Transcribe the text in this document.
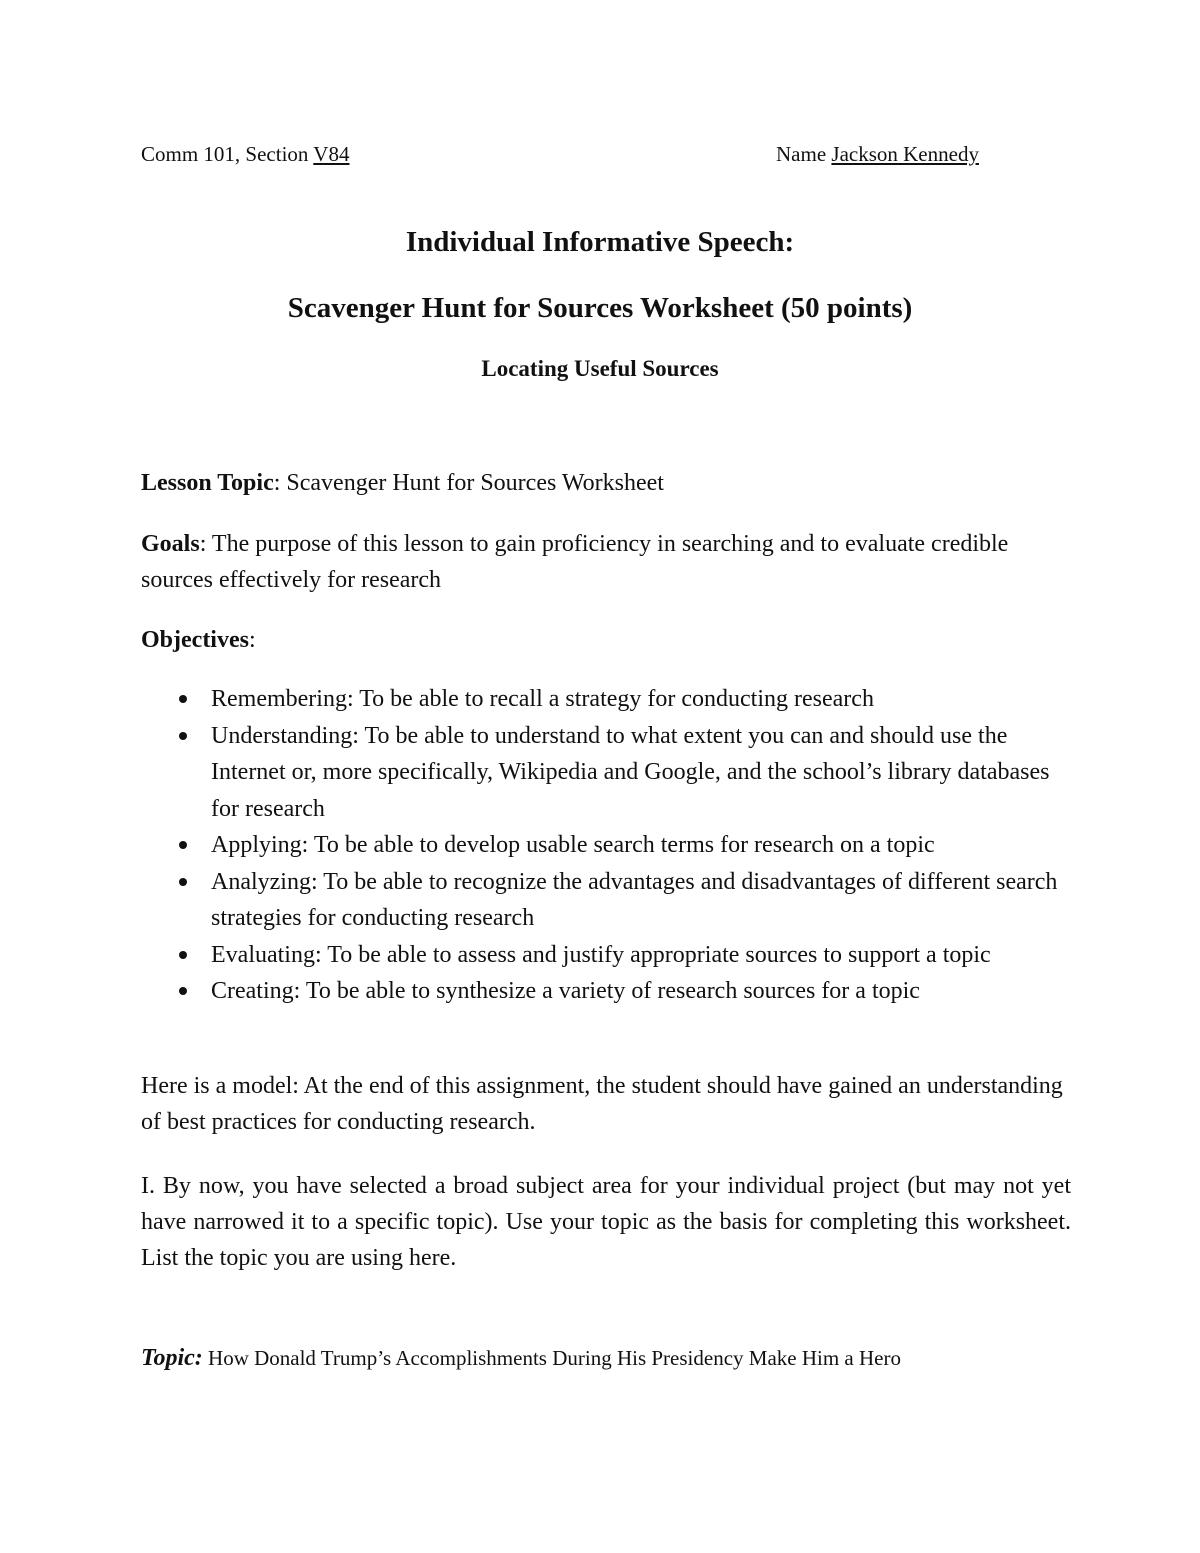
Comm 101, Section V84	Name Jackson Kennedy
Individual Informative Speech:
Scavenger Hunt for Sources Worksheet (50 points)
Locating Useful Sources
Lesson Topic: Scavenger Hunt for Sources Worksheet
Goals: The purpose of this lesson to gain proficiency in searching and to evaluate credible sources effectively for research
Objectives:
Remembering: To be able to recall a strategy for conducting research
Understanding: To be able to understand to what extent you can and should use the Internet or, more specifically, Wikipedia and Google, and the school’s library databases for research
Applying: To be able to develop usable search terms for research on a topic
Analyzing: To be able to recognize the advantages and disadvantages of different search strategies for conducting research
Evaluating: To be able to assess and justify appropriate sources to support a topic
Creating: To be able to synthesize a variety of research sources for a topic
Here is a model: At the end of this assignment, the student should have gained an understanding of best practices for conducting research.
I. By now, you have selected a broad subject area for your individual project (but may not yet have narrowed it to a specific topic). Use your topic as the basis for completing this worksheet. List the topic you are using here.
Topic: How Donald Trump’s Accomplishments During His Presidency Make Him a Hero
